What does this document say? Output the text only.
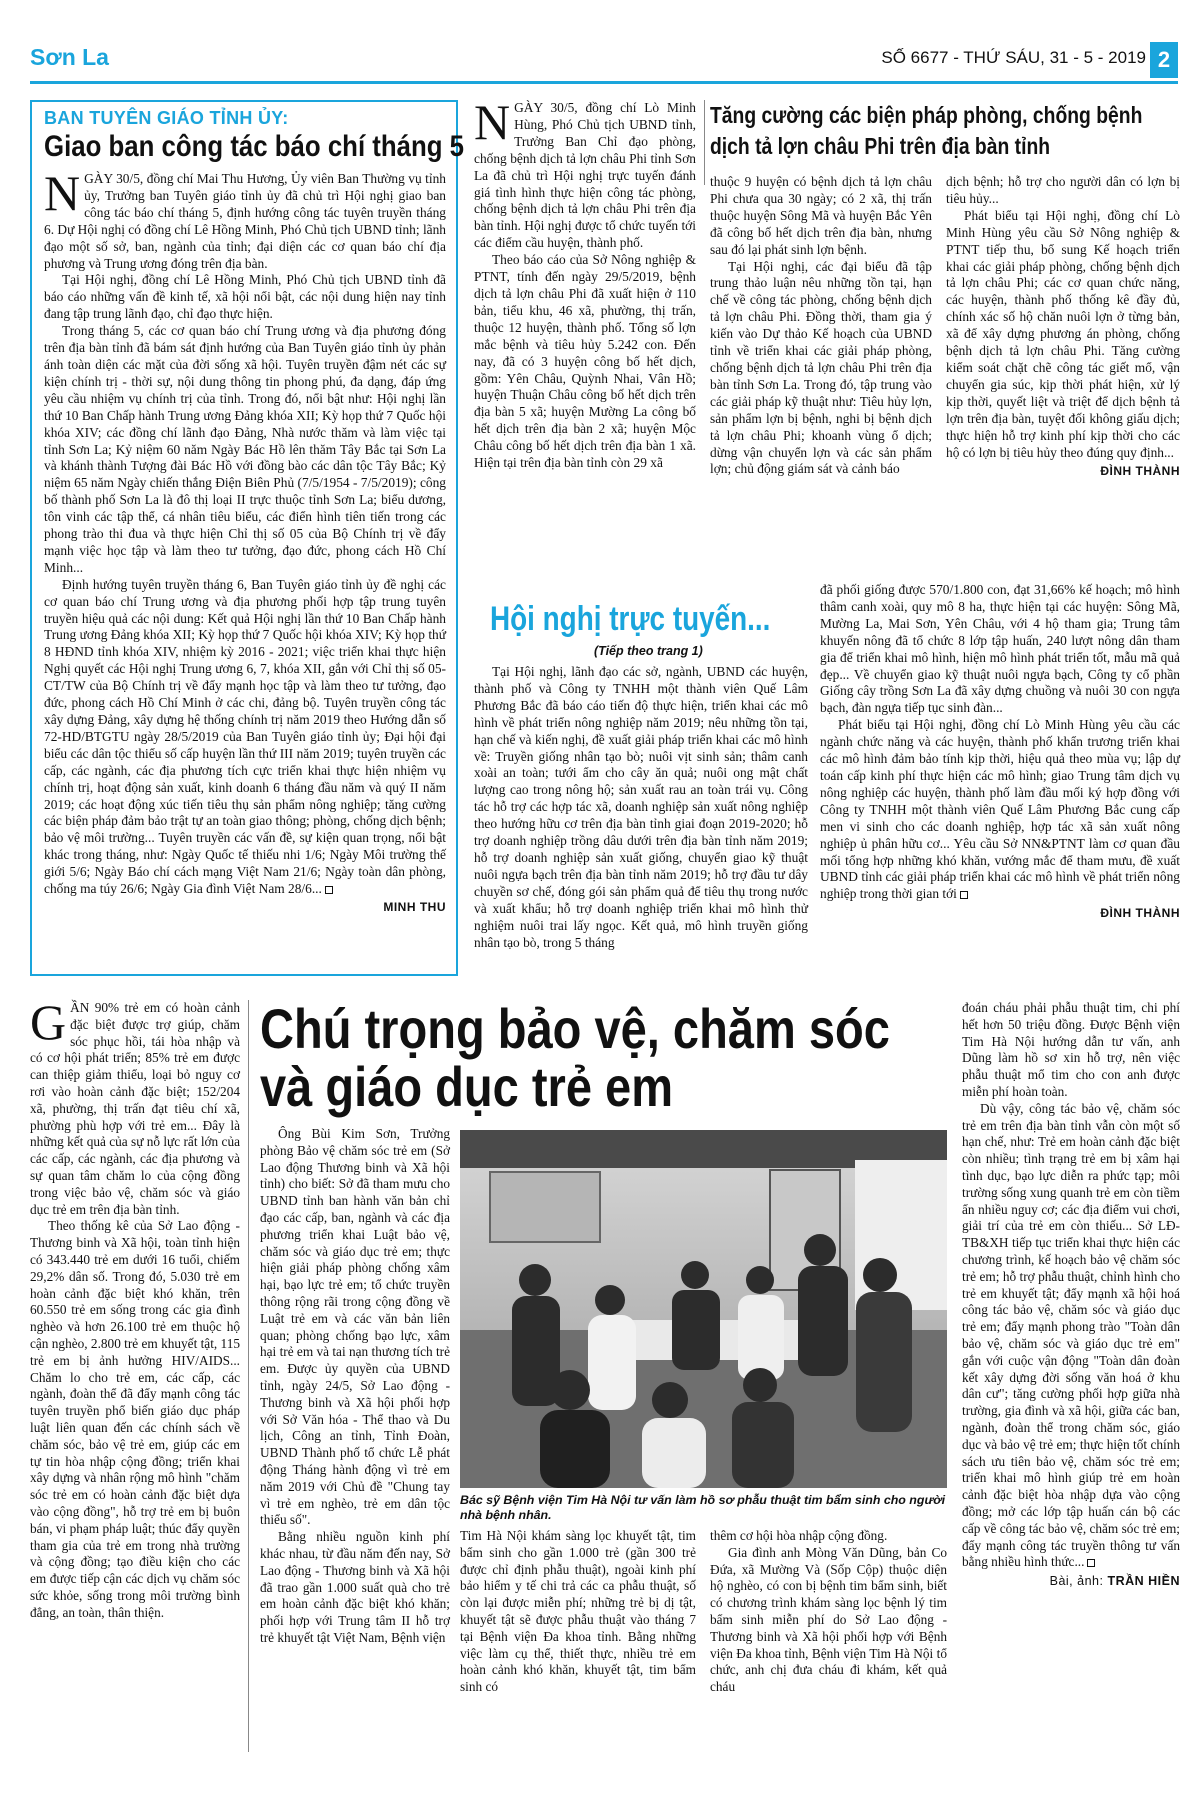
Sơn La	SỐ 6677 - THỨ SÁU, 31 - 5 - 2019 2
BAN TUYÊN GIÁO TỈNH ỦY:
Giao ban công tác báo chí tháng 5

NGÀY 30/5, đồng chí Mai Thu Hương, Ủy viên Ban Thường vụ tỉnh ủy, Trưởng ban Tuyên giáo tỉnh ủy đã chủ trì Hội nghị giao ban công tác báo chí tháng 5, định hướng công tác tuyên truyền tháng 6. Dự Hội nghị có đồng chí Lê Hồng Minh, Phó Chủ tịch UBND tỉnh; lãnh đạo một số sở, ban, ngành của tỉnh; đại diện các cơ quan báo chí địa phương và Trung ương đóng trên địa bàn.

Tại Hội nghị, đồng chí Lê Hồng Minh, Phó Chủ tịch UBND tỉnh đã báo cáo những vấn đề kinh tế, xã hội nổi bật, các nội dung hiện nay tỉnh đang tập trung lãnh đạo, chỉ đạo thực hiện.

Trong tháng 5, các cơ quan báo chí Trung ương và địa phương đóng trên địa bàn tỉnh đã bám sát định hướng của Ban Tuyên giáo tỉnh ủy phản ánh toàn diện các mặt của đời sống xã hội. Tuyên truyền đậm nét các sự kiện chính trị - thời sự, nội dung thông tin phong phú, đa dạng, đáp ứng yêu cầu nhiệm vụ chính trị của tỉnh. Trong đó, nổi bật như: Hội nghị lần thứ 10 Ban Chấp hành Trung ương Đảng khóa XII; Kỳ họp thứ 7 Quốc hội khóa XIV; các đồng chí lãnh đạo Đảng, Nhà nước thăm và làm việc tại tỉnh Sơn La; Kỷ niệm 60 năm Ngày Bác Hồ lên thăm Tây Bắc tại Sơn La và khánh thành Tượng đài Bác Hồ với đồng bào các dân tộc Tây Bắc; Kỷ niệm 65 năm Ngày chiến thắng Điện Biên Phủ (7/5/1954 - 7/5/2019); công bố thành phố Sơn La là đô thị loại II trực thuộc tỉnh Sơn La; biểu dương, tôn vinh các tập thể, cá nhân tiêu biểu, các điển hình tiên tiến trong các phong trào thi đua và thực hiện Chỉ thị số 05 của Bộ Chính trị về đẩy mạnh việc học tập và làm theo tư tưởng, đạo đức, phong cách Hồ Chí Minh...

Định hướng tuyên truyền tháng 6, Ban Tuyên giáo tỉnh ủy đề nghị các cơ quan báo chí Trung ương và địa phương phối hợp tập trung tuyên truyền hiệu quả các nội dung: Kết quả Hội nghị lần thứ 10 Ban Chấp hành Trung ương Đảng khóa XII; Kỳ họp thứ 7 Quốc hội khóa XIV; Kỳ họp thứ 8 HĐND tỉnh khóa XIV, nhiệm kỳ 2016 - 2021; việc triển khai thực hiện Nghị quyết các Hội nghị Trung ương 6, 7, khóa XII, gắn với Chỉ thị số 05-CT/TW của Bộ Chính trị về đẩy mạnh học tập và làm theo tư tưởng, đạo đức, phong cách Hồ Chí Minh ở các chi, đảng bộ. Tuyên truyền công tác xây dựng Đảng, xây dựng hệ thống chính trị năm 2019 theo Hướng dẫn số 72-HD/BTGTU ngày 28/5/2019 của Ban Tuyên giáo tỉnh ủy; Đại hội đại biểu các dân tộc thiểu số cấp huyện lần thứ III năm 2019; tuyên truyền các cấp, các ngành, các địa phương tích cực triển khai thực hiện nhiệm vụ chính trị, hoạt động sản xuất, kinh doanh 6 tháng đầu năm và quý II năm 2019; các hoạt động xúc tiến tiêu thụ sản phẩm nông nghiệp; tăng cường các biện pháp đảm bảo trật tự an toàn giao thông; phòng, chống dịch bệnh; bảo vệ môi trường... Tuyên truyền các vấn đề, sự kiện quan trọng, nổi bật khác trong tháng, như: Ngày Quốc tế thiếu nhi 1/6; Ngày Môi trường thế giới 5/6; Ngày Báo chí cách mạng Việt Nam 21/6; Ngày toàn dân phòng, chống ma túy 26/6; Ngày Gia đình Việt Nam 28/6...

MINH THU

NGÀY 30/5, đồng chí Lò Minh Hùng, Phó Chủ tịch UBND tỉnh, Trưởng Ban Chỉ đạo phòng, chống bệnh dịch tả lợn châu Phi tỉnh Sơn La đã chủ trì Hội nghị trực tuyến đánh giá tình hình thực hiện công tác phòng, chống bệnh dịch tả lợn châu Phi trên địa bàn tỉnh. Hội nghị được tổ chức tuyến tới các điểm cầu huyện, thành phố.

Theo báo cáo của Sở Nông nghiệp & PTNT, tính đến ngày 29/5/2019, bệnh dịch tả lợn châu Phi đã xuất hiện ở 110 bản, tiểu khu, 46 xã, phường, thị trấn, thuộc 12 huyện, thành phố. Tổng số lợn mắc bệnh và tiêu hủy 5.242 con. Đến nay, đã có 3 huyện công bố hết dịch, gồm: Yên Châu, Quỳnh Nhai, Vân Hồ; huyện Thuận Châu công bố hết dịch trên địa bàn 5 xã; huyện Mường La công bố hết dịch trên địa bàn 2 xã; huyện Mộc Châu công bố hết dịch trên địa bàn 1 xã. Hiện tại trên địa bàn tỉnh còn 29 xã

Tăng cường các biện pháp phòng, chống bệnh dịch tả lợn châu Phi trên địa bàn tỉnh

thuộc 9 huyện có bệnh dịch tả lợn châu Phi chưa qua 30 ngày; có 2 xã, thị trấn thuộc huyện Sông Mã và huyện Bắc Yên đã công bố hết dịch trên địa bàn, nhưng sau đó lại phát sinh lợn bệnh.

Tại Hội nghị, các đại biểu đã tập trung thảo luận nêu những tồn tại, hạn chế về công tác phòng, chống bệnh dịch tả lợn châu Phi. Đồng thời, tham gia ý kiến vào Dự thảo Kế hoạch của UBND tỉnh về triển khai các giải pháp phòng, chống bệnh dịch tả lợn châu Phi trên địa bàn tỉnh Sơn La. Trong đó, tập trung vào các giải pháp kỹ thuật như: Tiêu hủy lợn, sản phẩm lợn bị bệnh, nghi bị bệnh dịch tả lợn châu Phi; khoanh vùng ổ dịch; dừng vận chuyển lợn và các sản phẩm lợn; chủ động giám sát và cảnh báo

dịch bệnh; hỗ trợ cho người dân có lợn bị tiêu hủy...

Phát biểu tại Hội nghị, đồng chí Lò Minh Hùng yêu cầu Sở Nông nghiệp & PTNT tiếp thu, bổ sung Kế hoạch triển khai các giải pháp phòng, chống bệnh dịch tả lợn châu Phi; các cơ quan chức năng, các huyện, thành phố thống kê đầy đủ, chính xác số hộ chăn nuôi lợn ở từng bản, xã để xây dựng phương án phòng, chống bệnh dịch tả lợn châu Phi. Tăng cường kiểm soát chặt chẽ công tác giết mổ, vận chuyển gia súc, kịp thời phát hiện, xử lý kịp thời, quyết liệt và triệt để dịch bệnh tả lợn trên địa bàn, tuyệt đối không giấu dịch; thực hiện hỗ trợ kinh phí kịp thời cho các hộ có lợn bị tiêu hủy theo đúng quy định...

ĐÌNH THÀNH
Hội nghị trực tuyến...
(Tiếp theo trang 1)

Tại Hội nghị, lãnh đạo các sở, ngành, UBND các huyện, thành phố và Công ty TNHH một thành viên Quế Lâm Phương Bắc đã báo cáo tiến độ thực hiện, triển khai các mô hình về phát triển nông nghiệp năm 2019; nêu những tồn tại, hạn chế và kiến nghị, đề xuất giải pháp triển khai các mô hình về: Truyền giống nhân tạo bò; nuôi vịt sinh sản; thâm canh xoài an toàn; tưới ẩm cho cây ăn quả; nuôi ong mật chất lượng cao trong nông hộ; sản xuất rau an toàn trái vụ. Công tác hỗ trợ các hợp tác xã, doanh nghiệp sản xuất nông nghiệp theo hướng hữu cơ trên địa bàn tỉnh giai đoạn 2019-2020; hỗ trợ doanh nghiệp trồng dâu dưới trên địa bàn tỉnh năm 2019; hỗ trợ doanh nghiệp sản xuất giống, chuyển giao kỹ thuật nuôi ngựa bạch trên địa bàn tỉnh năm 2019; hỗ trợ đầu tư dây chuyền sơ chế, đóng gói sản phẩm quả để tiêu thụ trong nước và xuất khẩu; hỗ trợ doanh nghiệp triển khai mô hình thử nghiệm nuôi trai lấy ngọc. Kết quả, mô hình truyền giống nhân tạo bò, trong 5 tháng

đã phối giống được 570/1.800 con, đạt 31,66% kế hoạch; mô hình thâm canh xoài, quy mô 8 ha, thực hiện tại các huyện: Sông Mã, Mường La, Mai Sơn, Yên Châu, với 4 hộ tham gia; Trung tâm khuyến nông đã tổ chức 8 lớp tập huấn, 240 lượt nông dân tham gia để triển khai mô hình, hiện mô hình phát triển tốt, mẫu mã quả đẹp... Về chuyển giao kỹ thuật nuôi ngựa bạch, Công ty cổ phần Giống cây trồng Sơn La đã xây dựng chuồng và nuôi 30 con ngựa bạch, đàn ngựa tiếp tục sinh đàn...

Phát biểu tại Hội nghị, đồng chí Lò Minh Hùng yêu cầu các ngành chức năng và các huyện, thành phố khẩn trương triển khai các mô hình đảm bảo tính kịp thời, hiệu quả theo mùa vụ; lập dự toán cấp kinh phí thực hiện các mô hình; giao Trung tâm dịch vụ nông nghiệp các huyện, thành phố làm đầu mối ký hợp đồng với Công ty TNHH một thành viên Quế Lâm Phương Bắc cung cấp men vi sinh cho các doanh nghiệp, hợp tác xã sản xuất nông nghiệp ủ phân hữu cơ... Yêu cầu Sở NN&PTNT làm cơ quan đầu mối tổng hợp những khó khăn, vướng mắc để tham mưu, đề xuất UBND tỉnh các giải pháp triển khai các mô hình về phát triển nông nghiệp trong thời gian tới

ĐÌNH THÀNH

GẦN 90% trẻ em có hoàn cảnh đặc biệt được trợ giúp, chăm sóc phục hồi, tái hòa nhập và có cơ hội phát triển; 85% trẻ em được can thiệp giảm thiểu, loại bỏ nguy cơ rơi vào hoàn cảnh đặc biệt; 152/204 xã, phường, thị trấn đạt tiêu chí xã, phường phù hợp với trẻ em... Đây là những kết quả của sự nỗ lực rất lớn của các cấp, các ngành, các địa phương và sự quan tâm chăm lo của cộng đồng trong việc bảo vệ, chăm sóc và giáo dục trẻ em trên địa bàn tỉnh.

Theo thống kê của Sở Lao động - Thương binh và Xã hội, toàn tỉnh hiện có 343.440 trẻ em dưới 16 tuổi, chiếm 29,2% dân số. Trong đó, 5.030 trẻ em hoàn cảnh đặc biệt khó khăn, trên 60.550 trẻ em sống trong các gia đình nghèo và hơn 26.100 trẻ em thuộc hộ cận nghèo, 2.800 trẻ em khuyết tật, 115 trẻ em bị ảnh hưởng HIV/AIDS... Chăm lo cho trẻ em, các cấp, các ngành, đoàn thể đã đẩy mạnh công tác tuyên truyền phổ biến giáo dục pháp luật liên quan đến các chính sách về chăm sóc, bảo vệ trẻ em, giúp các em tự tin hòa nhập cộng đồng; triển khai xây dựng và nhân rộng mô hình "chăm sóc trẻ em có hoàn cảnh đặc biệt dựa vào cộng đồng", hỗ trợ trẻ em bị buôn bán, vi phạm pháp luật; thúc đẩy quyền tham gia của trẻ em trong nhà trường và cộng đồng; tạo điều kiện cho các em được tiếp cận các dịch vụ chăm sóc sức khỏe, sống trong môi trường bình đẳng, an toàn, thân thiện.

Chú trọng bảo vệ, chăm sóc
và giáo dục trẻ em

Ông Bùi Kim Sơn, Trưởng phòng Bảo vệ chăm sóc trẻ em (Sở Lao động Thương binh và Xã hội tỉnh) cho biết: Sở đã tham mưu cho UBND tỉnh ban hành văn bản chỉ đạo các cấp, ban, ngành và các địa phương triển khai Luật bảo vệ, chăm sóc và giáo dục trẻ em; thực hiện giải pháp phòng chống xâm hại, bạo lực trẻ em; tổ chức truyền thông rộng rãi trong cộng đồng về Luật trẻ em và các văn bản liên quan; phòng chống bạo lực, xâm hại trẻ em và tai nạn thương tích trẻ em. Được ủy quyền của UBND tỉnh, ngày 24/5, Sở Lao động - Thương binh và Xã hội phối hợp với Sở Văn hóa - Thể thao và Du lịch, Công an tỉnh, Tỉnh Đoàn, UBND Thành phố tổ chức Lễ phát động Tháng hành động vì trẻ em năm 2019 với Chủ đề "Chung tay vì trẻ em nghèo, trẻ em dân tộc thiểu số".

Bằng nhiều nguồn kinh phí khác nhau, từ đầu năm đến nay, Sở Lao động - Thương binh và Xã hội đã trao gần 1.000 suất quà cho trẻ em hoàn cảnh đặc biệt khó khăn; phối hợp với Trung tâm II hỗ trợ trẻ khuyết tật Việt Nam, Bệnh viện

Bác sỹ Bệnh viện Tim Hà Nội tư vấn làm hồ sơ phẫu thuật tim bẩm sinh cho người nhà bệnh nhân.

Tim Hà Nội khám sàng lọc khuyết tật, tim bẩm sinh cho gần 1.000 trẻ (gần 300 trẻ được chỉ định phẫu thuật), ngoài kinh phí bảo hiểm y tế chi trả các ca phẫu thuật, số còn lại được miễn phí; những trẻ bị dị tật, khuyết tật sẽ được phẫu thuật vào tháng 7 tại Bệnh viện Đa khoa tỉnh. Bằng những việc làm cụ thể, thiết thực, nhiều trẻ em hoàn cảnh khó khăn, khuyết tật, tim bẩm sinh có

thêm cơ hội hòa nhập cộng đồng.

Gia đình anh Mòng Văn Dũng, bản Co Đứa, xã Mường Và (Sốp Cộp) thuộc diện hộ nghèo, có con bị bệnh tim bẩm sinh, biết có chương trình khám sàng lọc bệnh lý tim bẩm sinh miễn phí do Sở Lao động - Thương binh và Xã hội phối hợp với Bệnh viện Đa khoa tỉnh, Bệnh viện Tim Hà Nội tổ chức, anh chị đưa cháu đi khám, kết quả cháu

đoán cháu phải phẫu thuật tim, chi phí hết hơn 50 triệu đồng. Được Bệnh viện Tim Hà Nội hướng dẫn tư vấn, anh Dũng làm hồ sơ xin hỗ trợ, nên việc phẫu thuật mổ tim cho con anh được miễn phí hoàn toàn.

Dù vậy, công tác bảo vệ, chăm sóc trẻ em trên địa bàn tỉnh vẫn còn một số hạn chế, như: Trẻ em hoàn cảnh đặc biệt còn nhiều; tình trạng trẻ em bị xâm hại tình dục, bạo lực diễn ra phức tạp; môi trường sống xung quanh trẻ em còn tiềm ẩn nhiều nguy cơ; các địa điểm vui chơi, giải trí của trẻ em còn thiếu... Sở LĐ-TB&XH tiếp tục triển khai thực hiện các chương trình, kế hoạch bảo vệ chăm sóc trẻ em; hỗ trợ phẫu thuật, chỉnh hình cho trẻ em khuyết tật; đẩy mạnh xã hội hoá công tác bảo vệ, chăm sóc và giáo dục trẻ em; đẩy mạnh phong trào "Toàn dân bảo vệ, chăm sóc và giáo dục trẻ em" gắn với cuộc vận động "Toàn dân đoàn kết xây dựng đời sống văn hoá ở khu dân cư"; tăng cường phối hợp giữa nhà trường, gia đình và xã hội, giữa các ban, ngành, đoàn thể trong chăm sóc, giáo dục và bảo vệ trẻ em; thực hiện tốt chính sách ưu tiên bảo vệ, chăm sóc trẻ em; triển khai mô hình giúp trẻ em hoàn cảnh đặc biệt hòa nhập dựa vào cộng đồng; mở các lớp tập huấn cán bộ các cấp về công tác bảo vệ, chăm sóc trẻ em; đẩy mạnh công tác truyền thông tư vấn bằng nhiều hình thức...

Bài, ảnh: TRẦN HIỀN
